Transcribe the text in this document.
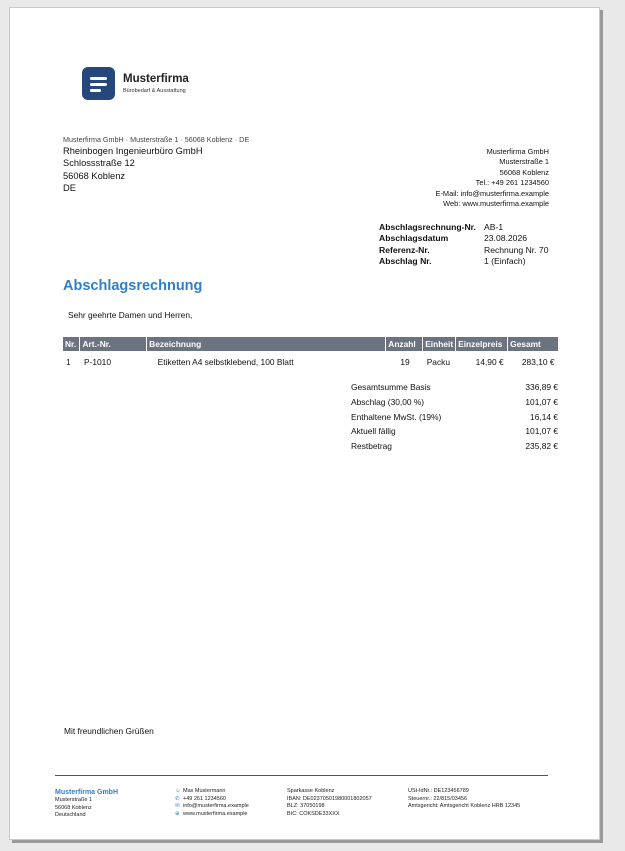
Musterfirma
Bürobedarf & Ausstattung
Musterfirma GmbH · Musterstraße 1 · 56068 Koblenz · DE
Rheinbogen Ingenieurbüro GmbH
Schlossstraße 12
56068 Koblenz
DE
Musterfirma GmbH
Musterstraße 1
56068 Koblenz
Tel.: +49 261 1234560
E-Mail: info@musterfirma.example
Web: www.musterfirma.example
Abschlagsrechnung-Nr. AB-1
Abschlagsdatum	23.08.2026
Referenz-Nr.	Rechnung Nr. 70
Abschlag Nr.	1 (Einfach)
Abschlagsrechnung
Sehr geehrte Damen und Herren,
Nr.	Art.-Nr.	Bezeichnung	Anzahl	Einheit	Einzelpreis	Gesamt
1	P-1010	Etiketten A4 selbstklebend, 100 Blatt	19	Packu	14,90 €	283,10 €
Gesamtsumme Basis	336,89 €
Abschlag (30,00 %)	101,07 €
Enthaltene MwSt. (19%)	16,14 €
Aktuell fällig	101,07 €
Restbetrag	235,82 €
Mit freundlichen Grüßen
Musterfirma GmbH
Musterstraße 1
56068 Koblenz
Deutschland
☺ Max Mustermann
✆ +49 261 1234560
✉ info@musterfirma.example
⊕ www.musterfirma.example
Sparkasse Koblenz
IBAN: DE02370501980001802057
BLZ: 37050198
BIC: COKSDE33XXX
USt-IdNr.: DE123456789
Steuernr.: 22/815/03456
Amtsgericht: Amtsgericht Koblenz HRB 12345
